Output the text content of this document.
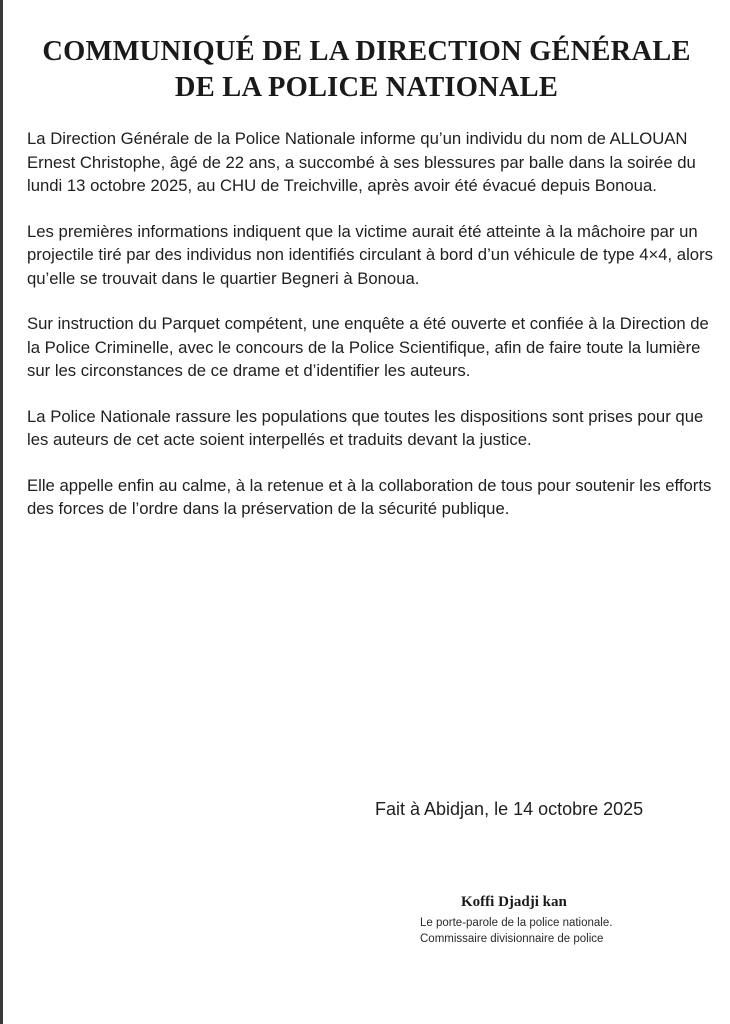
COMMUNIQUÉ DE LA DIRECTION GÉNÉRALE
DE LA POLICE NATIONALE

La Direction Générale de la Police Nationale informe qu’un individu du nom de ALLOUAN Ernest Christophe, âgé de 22 ans, a succombé à ses blessures par balle dans la soirée du lundi 13 octobre 2025, au CHU de Treichville, après avoir été évacué depuis Bonoua.

Les premières informations indiquent que la victime aurait été atteinte à la mâchoire par un projectile tiré par des individus non identifiés circulant à bord d’un véhicule de type 4×4, alors qu’elle se trouvait dans le quartier Begneri à Bonoua.

Sur instruction du Parquet compétent, une enquête a été ouverte et confiée à la Direction de la Police Criminelle, avec le concours de la Police Scientifique, afin de faire toute la lumière sur les circonstances de ce drame et d’identifier les auteurs.

La Police Nationale rassure les populations que toutes les dispositions sont prises pour que les auteurs de cet acte soient interpellés et traduits devant la justice.

Elle appelle enfin au calme, à la retenue et à la collaboration de tous pour soutenir les efforts des forces de l’ordre dans la préservation de la sécurité publique.

Fait à Abidjan, le 14 octobre 2025
Koffi Djadji kan
Le porte-parole de la police nationale.
Commissaire divisionnaire de police
